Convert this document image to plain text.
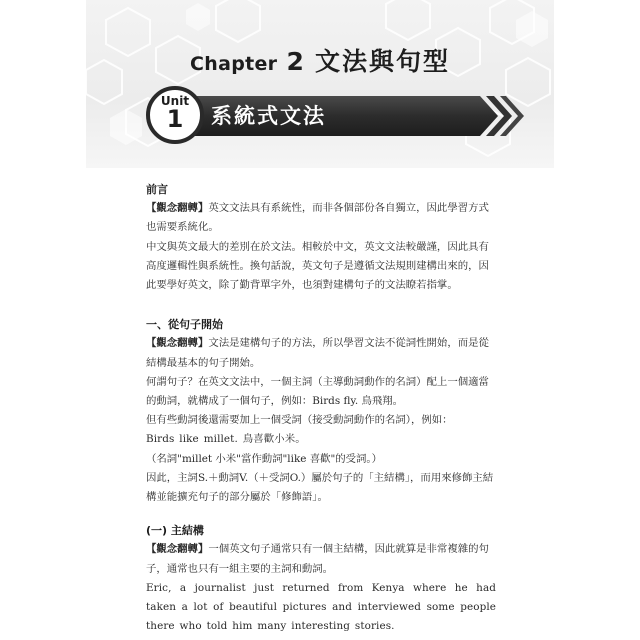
Chapter 2 文法與句型
Unit
1	系統式文法
前言

【觀念翻轉】英文文法具有系統性，而非各個部份各自獨立，因此學習方式也需要系統化。

中文與英文最大的差別在於文法。相較於中文，英文文法較嚴謹，因此具有高度邏輯性與系統性。換句話說，英文句子是遵循文法規則建構出來的，因此要學好英文，除了勤背單字外，也須對建構句子的文法瞭若指掌。

一、從句子開始

【觀念翻轉】文法是建構句子的方法，所以學習文法不從詞性開始，而是從結構最基本的句子開始。

何謂句子？在英文文法中，一個主詞（主導動詞動作的名詞）配上一個適當的動詞，就構成了一個句子，例如：Birds fly. 鳥飛翔。

但有些動詞後還需要加上一個受詞（接受動詞動作的名詞），例如：

Birds like millet. 鳥喜歡小米。

（名詞"millet 小米"當作動詞"like 喜歡"的受詞。）

因此，主詞S.＋動詞V.（＋受詞O.）屬於句子的「主結構」，而用來修飾主結構並能擴充句子的部分屬於「修飾語」。

(一) 主結構

【觀念翻轉】一個英文句子通常只有一個主結構，因此就算是非常複雜的句子，通常也只有一組主要的主詞和動詞。

Eric, a journalist just returned from Kenya where he had taken a lot of beautiful pictures and interviewed some people there who told him many interesting stories.
